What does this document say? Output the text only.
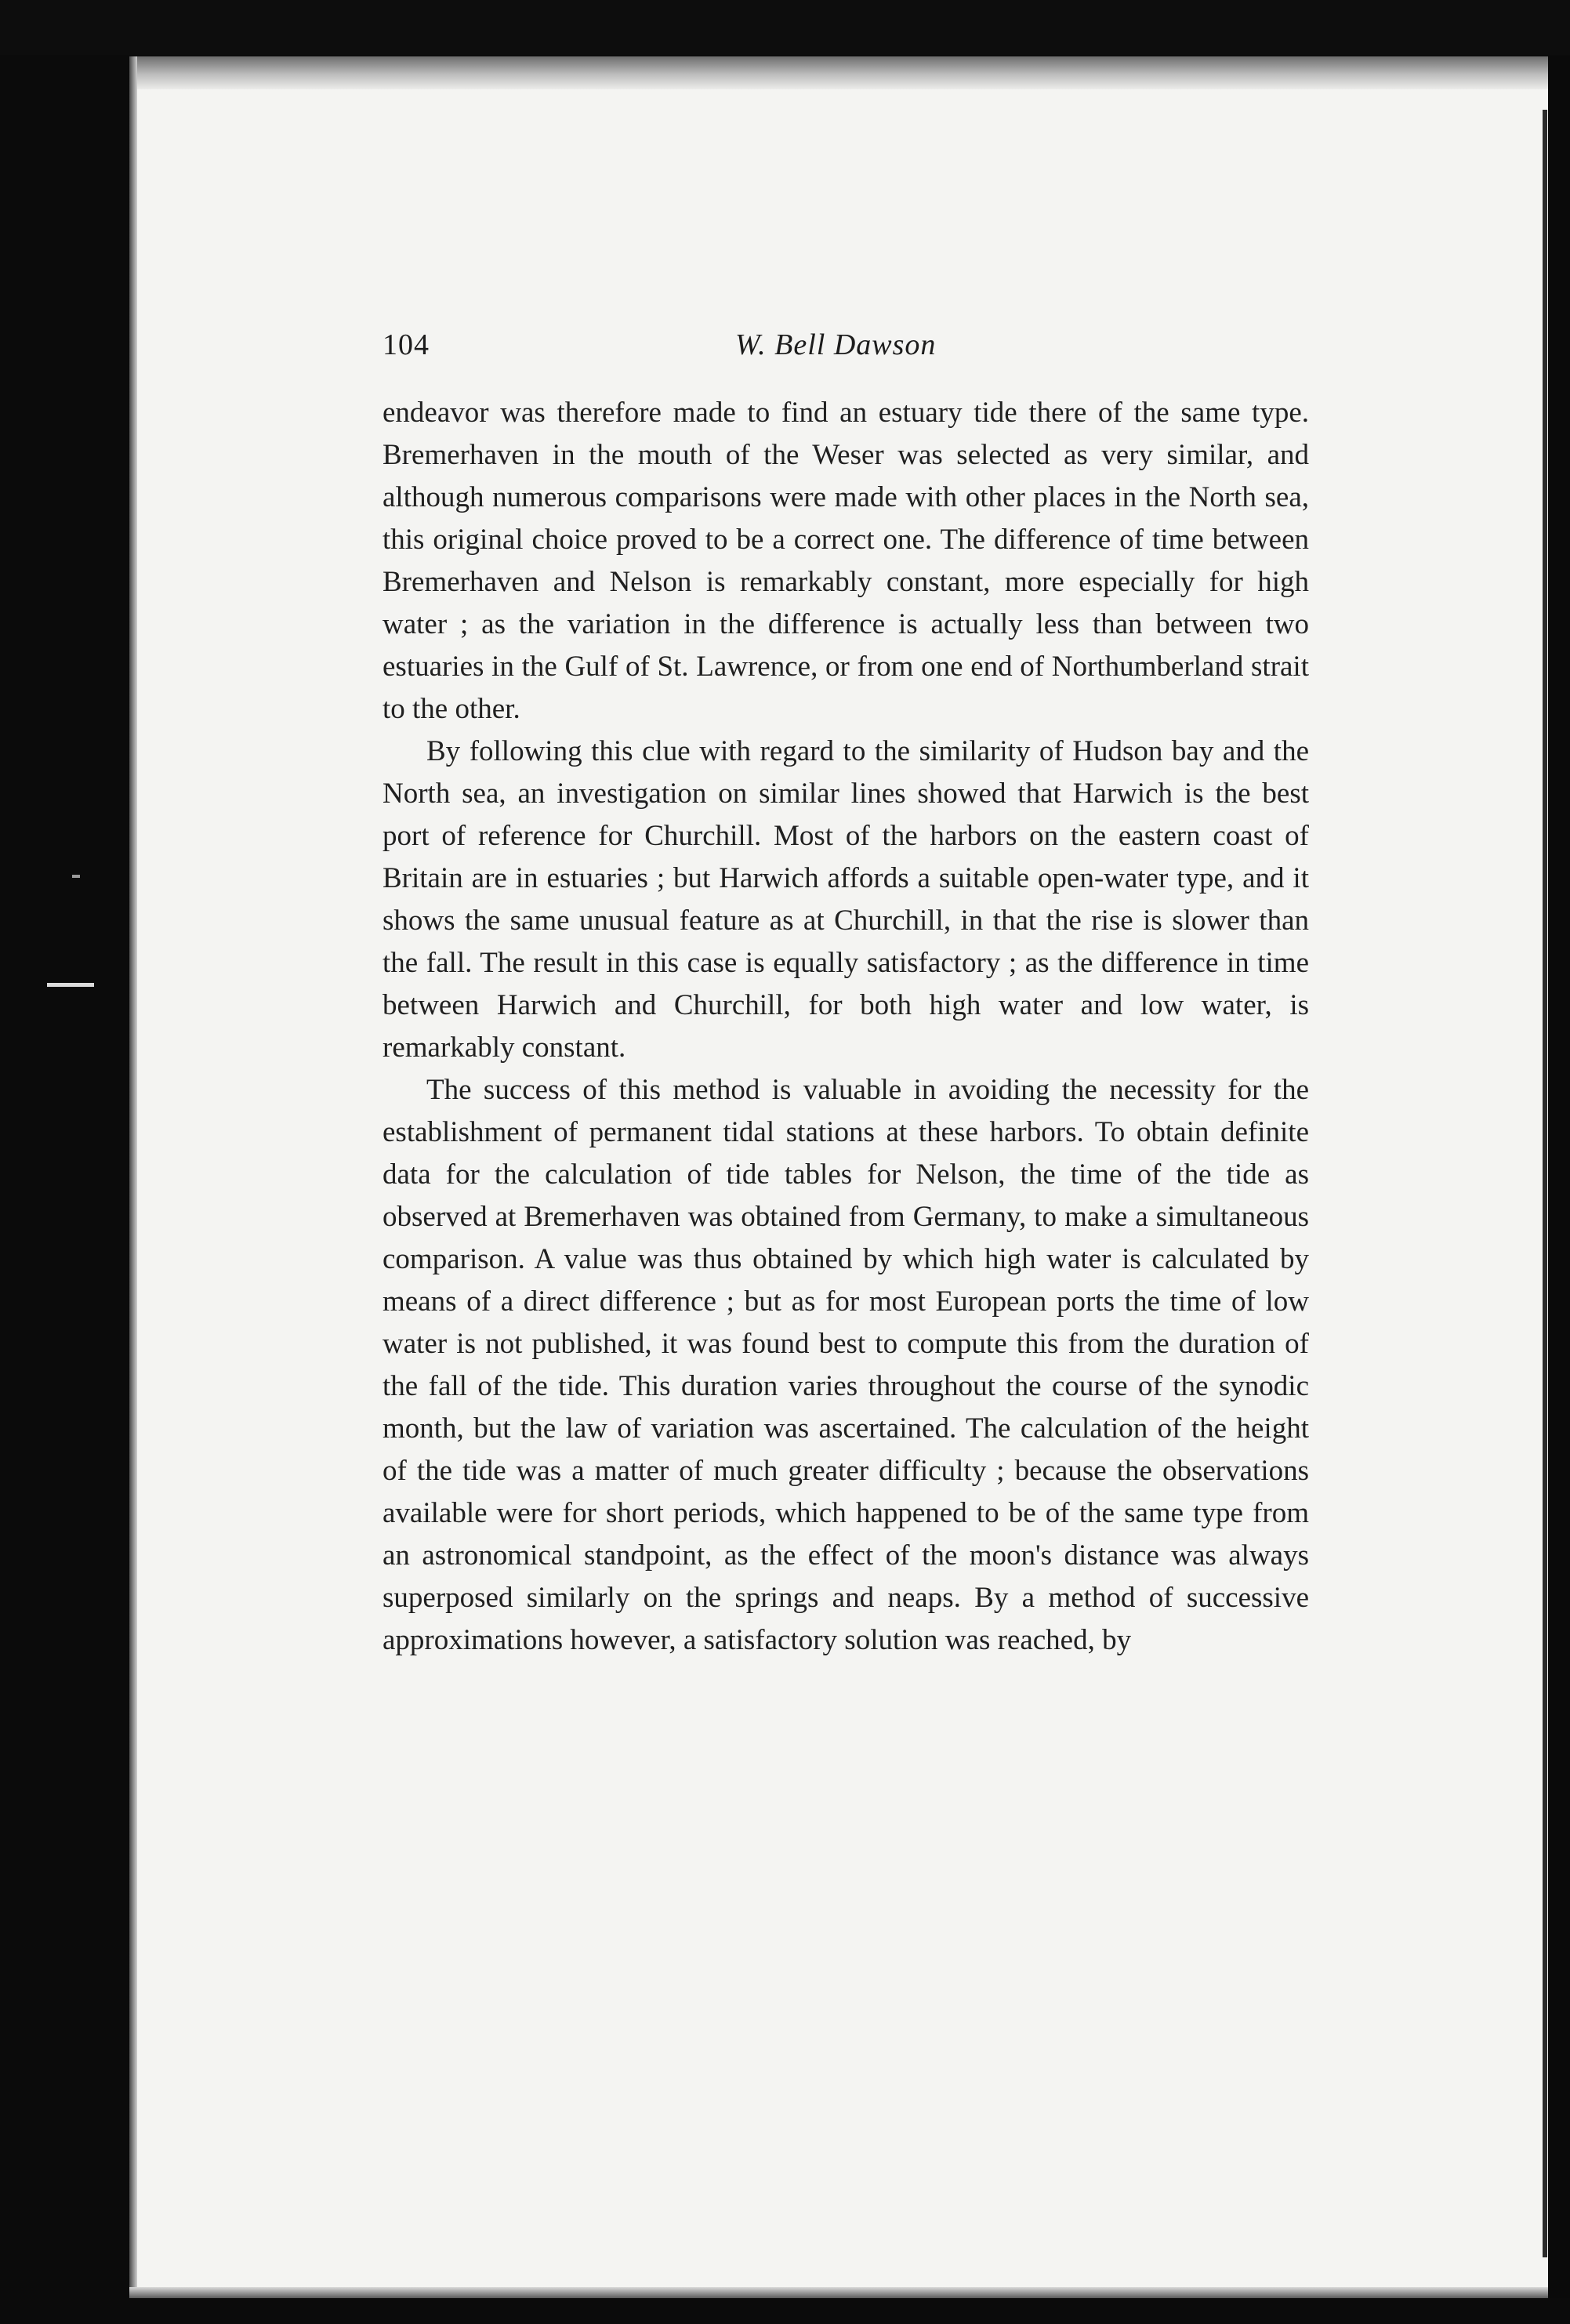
104	W. Bell Dawson

endeavor was therefore made to find an estuary tide there of the same type. Bremerhaven in the mouth of the Weser was selected as very similar, and although numerous comparisons were made with other places in the North sea, this original choice proved to be a correct one. The difference of time between Bremerhaven and Nelson is remarkably constant, more especially for high water ; as the variation in the difference is actually less than between two estuaries in the Gulf of St. Lawrence, or from one end of Northumberland strait to the other.

By following this clue with regard to the similarity of Hudson bay and the North sea, an investigation on similar lines showed that Harwich is the best port of reference for Churchill. Most of the harbors on the eastern coast of Britain are in estuaries ; but Harwich affords a suitable open-water type, and it shows the same unusual feature as at Churchill, in that the rise is slower than the fall. The result in this case is equally satisfactory ; as the difference in time between Harwich and Churchill, for both high water and low water, is remarkably constant.

The success of this method is valuable in avoiding the necessity for the establishment of permanent tidal stations at these harbors. To obtain definite data for the calculation of tide tables for Nelson, the time of the tide as observed at Bremerhaven was obtained from Germany, to make a simultaneous comparison. A value was thus obtained by which high water is calculated by means of a direct difference ; but as for most European ports the time of low water is not published, it was found best to compute this from the duration of the fall of the tide. This duration varies throughout the course of the synodic month, but the law of variation was ascertained. The calculation of the height of the tide was a matter of much greater difficulty ; because the observations available were for short periods, which happened to be of the same type from an astronomical standpoint, as the effect of the moon's distance was always superposed similarly on the springs and neaps. By a method of successive approximations however, a satisfactory solution was reached, by
